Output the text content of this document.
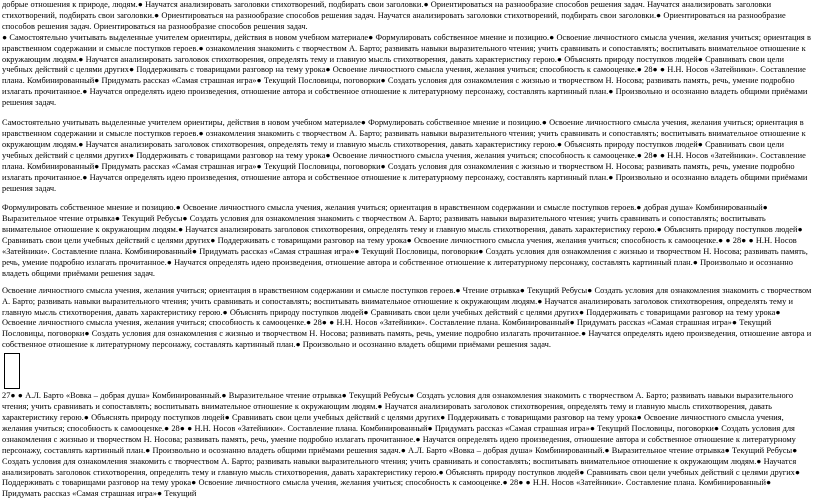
добрые отношения к природе, людям.● Научатся анализировать заголовки стихотворений, подбирать свои заголовки.● Ориентироваться на разнообразие способов решения задач. Научатся анализировать заголовки стихотворений, подбирать свои заголовки.● Ориентироваться на разнообразие способов решения задач. Научатся анализировать заголовки стихотворений, подбирать свои заголовки.● Ориентироваться на разнообразие способов решения задач. Ориентироваться на разнообразие способов решения задач.

● Самостоятельно учитывать выделенные учителем ориентиры, действия в новом учебном материале● Формулировать собственное мнение и позицию.● Освоение личностного смысла учения, желания учиться; ориентация в нравственном содержании и смысле поступков героев.● ознакомления знакомить с творчеством А. Барто; развивать навыки выразительного чтения; учить сравнивать и сопоставлять; воспитывать внимательное отношение к окружающим людям.● Научатся анализировать заголовок стихотворения, определять тему и главную мысль стихотворения, давать характеристику герою.● Объяснять природу поступков людей● Сравнивать свои цели учебных действий с целями других● Поддерживать с товарищами разговор на тему урока● Освоение личностного смысла учения, желания учиться; способность к самооценке.● 28● ● Н.Н. Носов «Затейники». Составление плана. Комбинированный● Придумать рассказ «Самая страшная игра»● Текущий Пословицы, поговорки● Создать условия для ознакомления с жизнью и творчеством Н. Носова; развивать память, речь, умение подробно излагать прочитанное.● Научатся определять идею произведения, отношение автора и собственное отношение к литературному персонажу, составлять картинный план.● Произвольно и осознанно владеть общими приёмами решения задач.

Самостоятельно учитывать выделенные учителем ориентиры, действия в новом учебном материале● Формулировать собственное мнение и позицию.● Освоение личностного смысла учения, желания учиться; ориентация в нравственном содержании и смысле поступков героев.● ознакомления знакомить с творчеством А. Барто; развивать навыки выразительного чтения; учить сравнивать и сопоставлять; воспитывать внимательное отношение к окружающим людям.● Научатся анализировать заголовок стихотворения, определять тему и главную мысль стихотворения, давать характеристику герою.● Объяснять природу поступков людей● Сравнивать свои цели учебных действий с целями других● Поддерживать с товарищами разговор на тему урока● Освоение личностного смысла учения, желания учиться; способность к самооценке.● 28● ● Н.Н. Носов «Затейники». Составление плана. Комбинированный● Придумать рассказ «Самая страшная игра»● Текущий Пословицы, поговорки● Создать условия для ознакомления с жизнью и творчеством Н. Носова; развивать память, речь, умение подробно излагать прочитанное.● Научатся определять идею произведения, отношение автора и собственное отношение к литературному персонажу, составлять картинный план.● Произвольно и осознанно владеть общими приёмами решения задач.

Формулировать собственное мнение и позицию.● Освоение личностного смысла учения, желания учиться; ориентация в нравственном содержании и смысле поступков героев.● добрая душа» Комбинированный● Выразительное чтение отрывка● Текущий Ребусы● Создать условия для ознакомления знакомить с творчеством А. Барто; развивать навыки выразительного чтения; учить сравнивать и сопоставлять; воспитывать внимательное отношение к окружающим людям.● Научатся анализировать заголовок стихотворения, определять тему и главную мысль стихотворения, давать характеристику герою.● Объяснять природу поступков людей● Сравнивать свои цели учебных действий с целями других● Поддерживать с товарищами разговор на тему урока● Освоение личностного смысла учения, желания учиться; способность к самооценке.● ● 28● ● Н.Н. Носов «Затейники». Составление плана. Комбинированный● Придумать рассказ «Самая страшная игра»● Текущий Пословицы, поговорки● Создать условия для ознакомления с жизнью и творчеством Н. Носова; развивать память, речь, умение подробно излагать прочитанное.● Научатся определять идею произведения, отношение автора и собственное отношение к литературному персонажу, составлять картинный план.● Произвольно и осознанно владеть общими приёмами решения задач.

Освоение личностного смысла учения, желания учиться; ориентация в нравственном содержании и смысле поступков героев.● Чтение отрывка● Текущий Ребусы● Создать условия для ознакомления знакомить с творчеством А. Барто; развивать навыки выразительного чтения; учить сравнивать и сопоставлять; воспитывать внимательное отношение к окружающим людям.● Научатся анализировать заголовок стихотворения, определять тему и главную мысль стихотворения, давать характеристику герою.● Объяснять природу поступков людей● Сравнивать свои цели учебных действий с целями других● Поддерживать с товарищами разговор на тему урока● Освоение личностного смысла учения, желания учиться; способность к самооценке.● 28● ● Н.Н. Носов «Затейники». Составление плана. Комбинированный● Придумать рассказ «Самая страшная игра»● Текущий Пословицы, поговорки● Создать условия для ознакомления с жизнью и творчеством Н. Носова; развивать память, речь, умение подробно излагать прочитанное.● Научатся определять идею произведения, отношение автора и собственное отношение к литературному персонажу, составлять картинный план.● Произвольно и осознанно владеть общими приёмами решения задач.

27● ● А.Л. Барто «Вовка – добрая душа» Комбинированный.● Выразительное чтение отрывка● Текущий Ребусы● Создать условия для ознакомления знакомить с творчеством А. Барто; развивать навыки выразительного чтения; учить сравнивать и сопоставлять; воспитывать внимательное отношение к окружающим людям.● Научатся анализировать заголовок стихотворения, определять тему и главную мысль стихотворения, давать характеристику герою.● Объяснять природу поступков людей● Сравнивать свои цели учебных действий с целями других● Поддерживать с товарищами разговор на тему урока● Освоение личностного смысла учения, желания учиться; способность к самооценке.● 28● ● Н.Н. Носов «Затейники». Составление плана. Комбинированный● Придумать рассказ «Самая страшная игра»● Текущий Пословицы, поговорки● Создать условия для ознакомления с жизнью и творчеством Н. Носова; развивать память, речь, умение подробно излагать прочитанное.● Научатся определять идею произведения, отношение автора и собственное отношение к литературному персонажу, составлять картинный план.● Произвольно и осознанно владеть общими приёмами решения задач.● А.Л. Барто «Вовка – добрая душа» Комбинированный.● Выразительное чтение отрывка● Текущий Ребусы● Создать условия для ознакомления знакомить с творчеством А. Барто; развивать навыки выразительного чтения; учить сравнивать и сопоставлять; воспитывать внимательное отношение к окружающим людям.● Научатся анализировать заголовок стихотворения, определять тему и главную мысль стихотворения, давать характеристику герою.● Объяснять природу поступков людей● Сравнивать свои цели учебных действий с целями других● Поддерживать с товарищами разговор на тему урока● Освоение личностного смысла учения, желания учиться; способность к самооценке.● 28● ● Н.Н. Носов «Затейники». Составление плана. Комбинированный● Придумать рассказ «Самая страшная игра»● Текущий
